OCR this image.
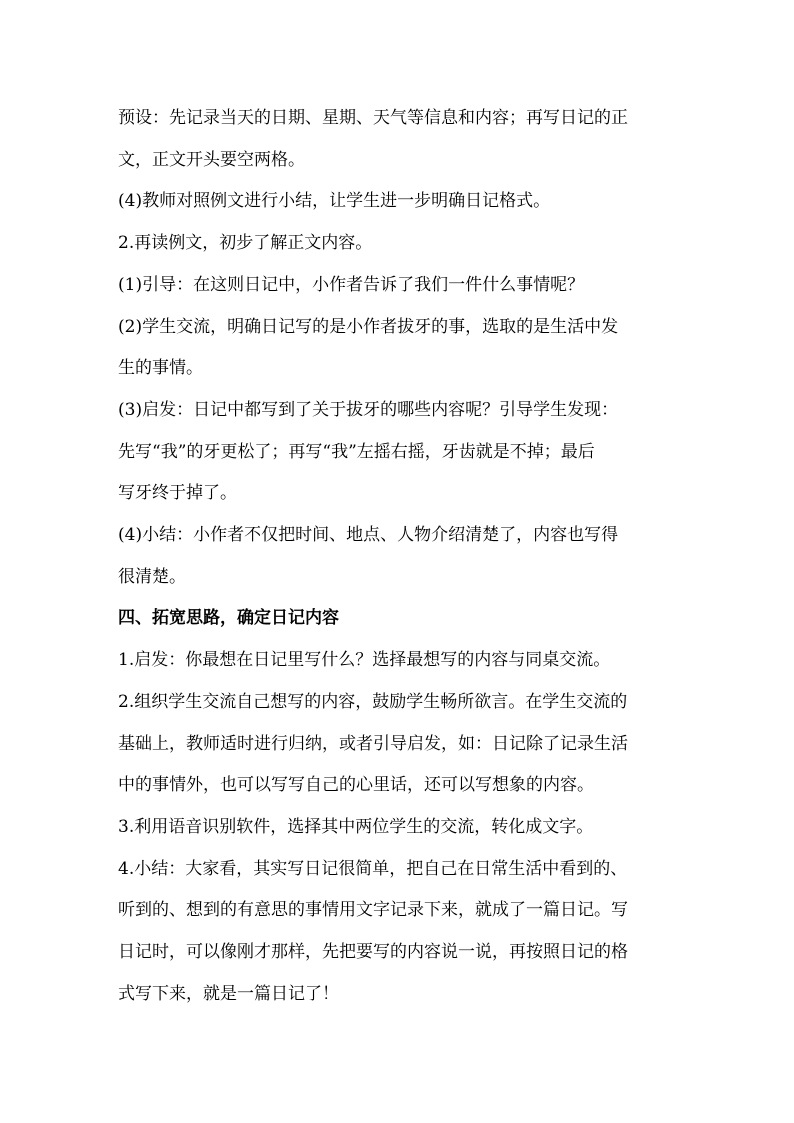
预设：先记录当天的日期、星期、天气等信息和内容；再写日记的正

文，正文开头要空两格。

(4)教师对照例文进行小结，让学生进一步明确日记格式。

2.再读例文，初步了解正文内容。

(1)引导：在这则日记中，小作者告诉了我们一件什么事情呢？

(2)学生交流，明确日记写的是小作者拔牙的事，选取的是生活中发

生的事情。

(3)启发：日记中都写到了关于拔牙的哪些内容呢？引导学生发现：

先写“我”的牙更松了；再写“我”左摇右摇，牙齿就是不掉；最后

写牙终于掉了。

(4)小结：小作者不仅把时间、地点、人物介绍清楚了，内容也写得

很清楚。

四、拓宽思路，确定日记内容

1.启发：你最想在日记里写什么？选择最想写的内容与同桌交流。

2.组织学生交流自己想写的内容，鼓励学生畅所欲言。在学生交流的

基础上，教师适时进行归纳，或者引导启发，如：日记除了记录生活

中的事情外，也可以写写自己的心里话，还可以写想象的内容。

3.利用语音识别软件，选择其中两位学生的交流，转化成文字。

4.小结：大家看，其实写日记很简单，把自己在日常生活中看到的、

听到的、想到的有意思的事情用文字记录下来，就成了一篇日记。写

日记时，可以像刚才那样，先把要写的内容说一说，再按照日记的格

式写下来，就是一篇日记了！
